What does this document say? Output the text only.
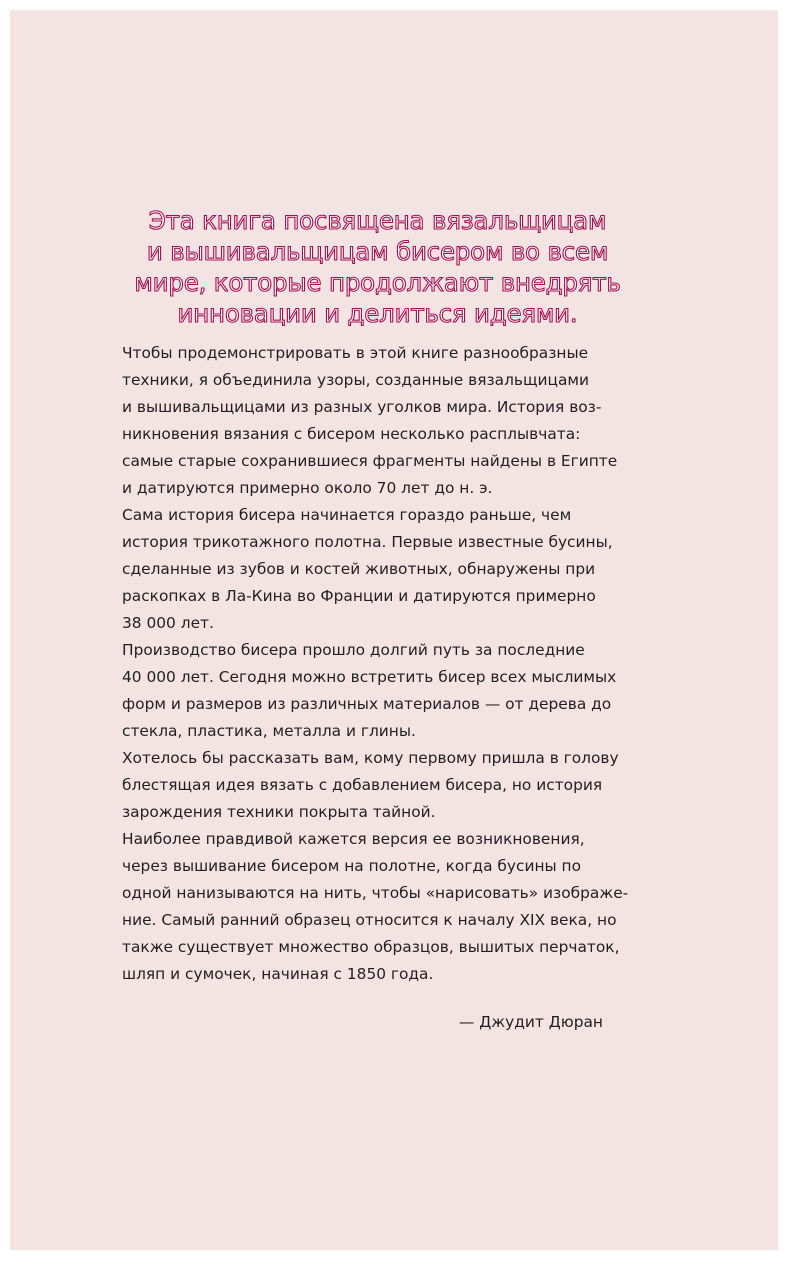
Эта книга посвящена вязальщицам
и вышивальщицам бисером во всем
мире, которые продолжают внедрять
инновации и делиться идеями.
Чтобы продемонстрировать в этой книге разнообразные
техники, я объединила узоры, созданные вязальщицами
и вышивальщицами из разных уголков мира. История воз-
никновения вязания с бисером несколько расплывчата:
самые старые сохранившиеся фрагменты найдены в Египте
и датируются примерно около 70 лет до н. э.
Сама история бисера начинается гораздо раньше, чем
история трикотажного полотна. Первые известные бусины,
сделанные из зубов и костей животных, обнаружены при
раскопках в Ла-Кина во Франции и датируются примерно
38 000 лет.
Производство бисера прошло долгий путь за последние
40 000 лет. Сегодня можно встретить бисер всех мыслимых
форм и размеров из различных материалов — от дерева до
стекла, пластика, металла и глины.
Хотелось бы рассказать вам, кому первому пришла в голову
блестящая идея вязать с добавлением бисера, но история
зарождения техники покрыта тайной.
Наиболее правдивой кажется версия ее возникновения,
через вышивание бисером на полотне, когда бусины по
одной нанизываются на нить, чтобы «нарисовать» изображе-
ние. Самый ранний образец относится к началу XIX века, но
также существует множество образцов, вышитых перчаток,
шляп и сумочек, начиная с 1850 года.
— Джудит Дюран
